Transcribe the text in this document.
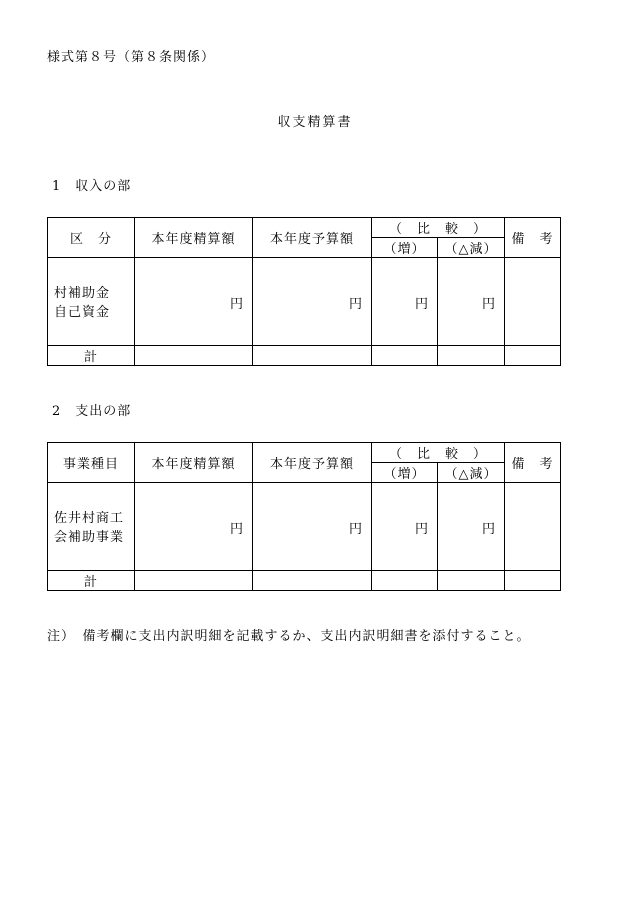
様式第８号（第８条関係）
収支精算書
1　収入の部
区　分	本年度精算額	本年度予算額	（　比　較　）		備　考
			（増）	（△減）	
村補助金
自己資金	円	円	円	円	
計					
2　支出の部
事業種目	本年度精算額	本年度予算額	（　比　較　）		備　考
			（増）	（△減）	
佐井村商工
会補助事業	円	円	円	円	
計					
注）　備考欄に支出内訳明細を記載するか、支出内訳明細書を添付すること。
